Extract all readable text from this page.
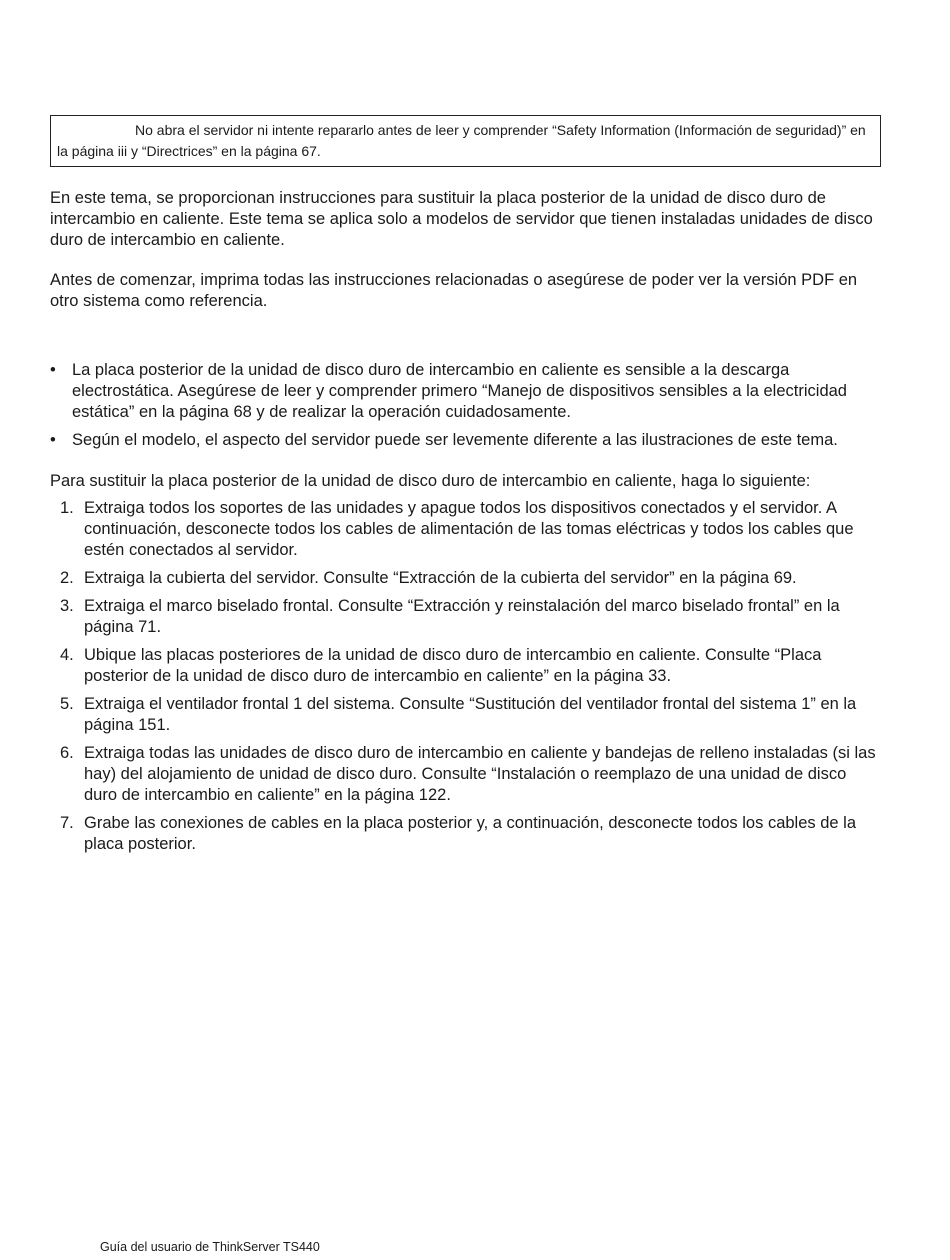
No abra el servidor ni intente repararlo antes de leer y comprender “Safety Information (Información de seguridad)” en la página iii y “Directrices” en la página 67.
En este tema, se proporcionan instrucciones para sustituir la placa posterior de la unidad de disco duro de intercambio en caliente. Este tema se aplica solo a modelos de servidor que tienen instaladas unidades de disco duro de intercambio en caliente.
Antes de comenzar, imprima todas las instrucciones relacionadas o asegúrese de poder ver la versión PDF en otro sistema como referencia.
• La placa posterior de la unidad de disco duro de intercambio en caliente es sensible a la descarga electrostática. Asegúrese de leer y comprender primero “Manejo de dispositivos sensibles a la electricidad estática” en la página 68 y de realizar la operación cuidadosamente.
• Según el modelo, el aspecto del servidor puede ser levemente diferente a las ilustraciones de este tema.
Para sustituir la placa posterior de la unidad de disco duro de intercambio en caliente, haga lo siguiente:
1. Extraiga todos los soportes de las unidades y apague todos los dispositivos conectados y el servidor. A continuación, desconecte todos los cables de alimentación de las tomas eléctricas y todos los cables que estén conectados al servidor.
2. Extraiga la cubierta del servidor. Consulte “Extracción de la cubierta del servidor” en la página 69.
3. Extraiga el marco biselado frontal. Consulte “Extracción y reinstalación del marco biselado frontal” en la página 71.
4. Ubique las placas posteriores de la unidad de disco duro de intercambio en caliente. Consulte “Placa posterior de la unidad de disco duro de intercambio en caliente” en la página 33.
5. Extraiga el ventilador frontal 1 del sistema. Consulte “Sustitución del ventilador frontal del sistema 1” en la página 151.
6. Extraiga todas las unidades de disco duro de intercambio en caliente y bandejas de relleno instaladas (si las hay) del alojamiento de unidad de disco duro. Consulte “Instalación o reemplazo de una unidad de disco duro de intercambio en caliente” en la página 122.
7. Grabe las conexiones de cables en la placa posterior y, a continuación, desconecte todos los cables de la placa posterior.
Guía del usuario de ThinkServer TS440
